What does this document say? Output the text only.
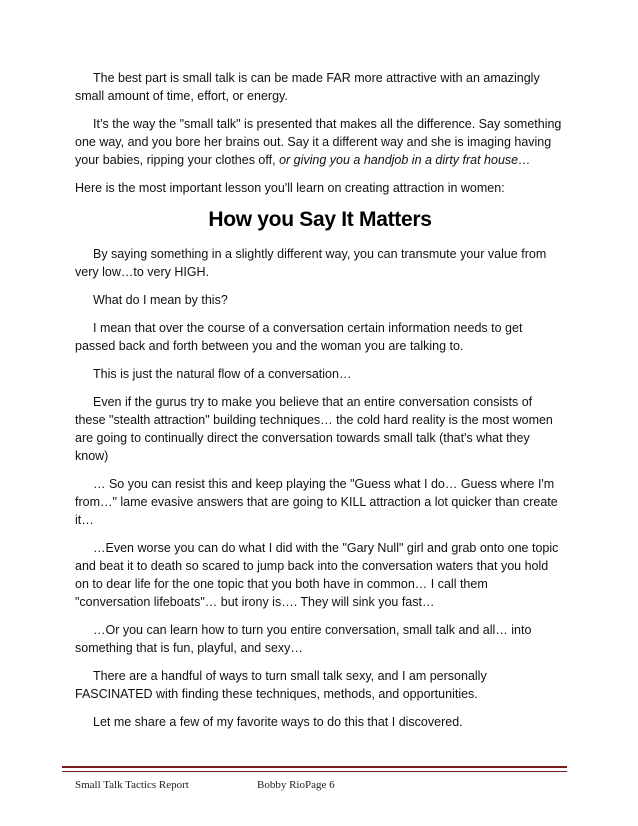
The best part is small talk is can be made FAR more attractive with an amazingly small amount of time, effort, or energy.

It’s the way the "small talk" is presented that makes all the difference. Say something one way, and you bore her brains out. Say it a different way and she is imaging having your babies, ripping your clothes off, or giving you a handjob in a dirty frat house…

Here is the most important lesson you'll learn on creating attraction in women:

How you Say It Matters

By saying something in a slightly different way, you can transmute your value from very low…to very HIGH.

What do I mean by this?

I mean that over the course of a conversation certain information needs to get passed back and forth between you and the woman you are talking to.

This is just the natural flow of a conversation…

Even if the gurus try to make you believe that an entire conversation consists of these "stealth attraction" building techniques… the cold hard reality is the most women are going to continually direct the conversation towards small talk (that's what they know)

… So you can resist this and keep playing the "Guess what I do… Guess where I'm from…" lame evasive answers that are going to KILL attraction a lot quicker than create it…

…Even worse you can do what I did with the "Gary Null" girl and grab onto one topic and beat it to death so scared to jump back into the conversation waters that you hold on to dear life for the one topic that you both have in common… I call them "conversation lifeboats"… but irony is…. They will sink you fast…

…Or you can learn how to turn you entire conversation, small talk and all… into something that is fun, playful, and sexy…

There are a handful of ways to turn small talk sexy, and I am personally FASCINATED with finding these techniques, methods, and opportunities.

Let me share a few of my favorite ways to do this that I discovered.

Small Talk Tactics Report	Bobby RioPage 6
